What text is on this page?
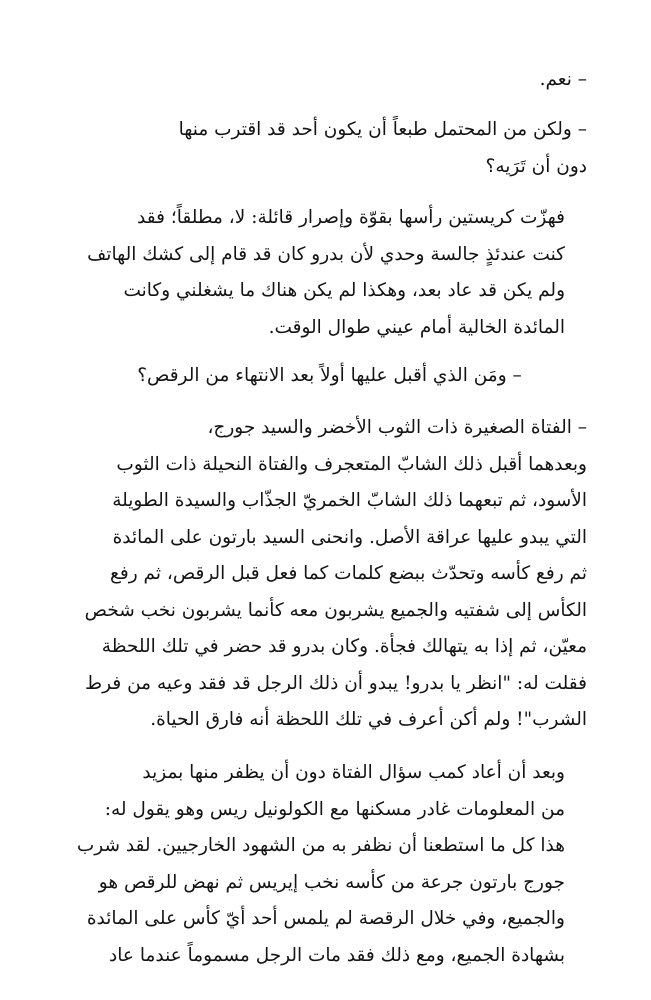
– نعم.

– ولكن من المحتمل طبعاً أن يكون أحد قد اقترب منها
دون أن تَرَيه؟

فهزّت كريستين رأسها بقوّة وإصرار قائلة: لا، مطلقاً؛ فقد
كنت عندئذٍ جالسة وحدي لأن بدرو كان قد قام إلى كشك الهاتف
ولم يكن قد عاد بعد، وهكذا لم يكن هناك ما يشغلني وكانت
المائدة الخالية أمام عيني طوال الوقت.

– ومَن الذي أقبل عليها أولاً بعد الانتهاء من الرقص؟

– الفتاة الصغيرة ذات الثوب الأخضر والسيد جورج،
وبعدهما أقبل ذلك الشابّ المتعجرف والفتاة النحيلة ذات الثوب
الأسود، ثم تبعهما ذلك الشابّ الخمريّ الجذّاب والسيدة الطويلة
التي يبدو عليها عراقة الأصل. وانحنى السيد بارتون على المائدة
ثم رفع كأسه وتحدّث ببضع كلمات كما فعل قبل الرقص، ثم رفع
الكأس إلى شفتيه والجميع يشربون معه كأنما يشربون نخب شخص
معيّن، ثم إذا به يتهالك فجأة. وكان بدرو قد حضر في تلك اللحظة
فقلت له: "انظر يا بدرو! يبدو أن ذلك الرجل قد فقد وعيه من فرط
الشرب"! ولم أكن أعرف في تلك اللحظة أنه فارق الحياة.

وبعد أن أعاد كمب سؤال الفتاة دون أن يظفر منها بمزيد
من المعلومات غادر مسكنها مع الكولونيل ريس وهو يقول له:
هذا كل ما استطعنا أن نظفر به من الشهود الخارجيين. لقد شرب
جورج بارتون جرعة من كأسه نخب إيريس ثم نهض للرقص هو
والجميع، وفي خلال الرقصة لم يلمس أحد أيّ كأس على المائدة
بشهادة الجميع، ومع ذلك فقد مات الرجل مسموماً عندما عاد
